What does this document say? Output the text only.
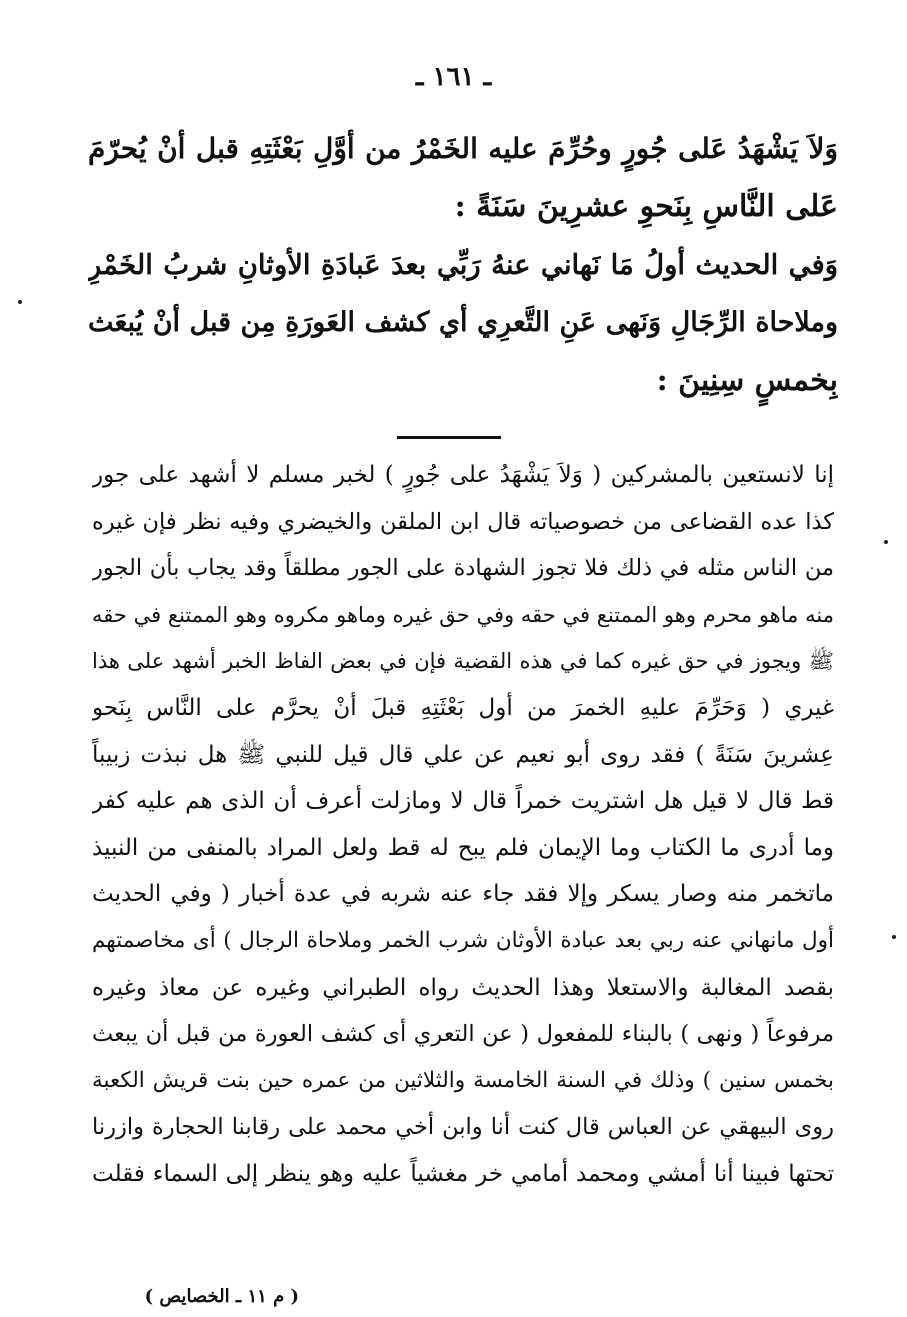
ـ ١٦١ ـ
وَلاَ يَشْهَدُ عَلى جُورٍ وحُرِّمَ عليه الخَمْرُ من أوَّلِ بَعْثَتِهِ قبل أنْ يُحرّمَ
عَلى النَّاسِ بِنَحوِ عشرِينَ سَنَةً :
وَفي الحديث أولُ مَا نَهاني عنهُ رَبِّي بعدَ عَبادَةِ الأوثانِ شربُ الخَمْرِ
وملاحاة الرِّجَالِ وَنَهى عَنِ التَّعرِي أي كشف العَورَةِ مِن قبل أنْ يُبعَث
بِخمسٍ سِنِينَ :
إنا لانستعين بالمشركين ( وَلاَ يَشْهَدُ على جُورٍ ) لخبر مسلم لا أشهد على جور
كذا عده القضاعى من خصوصياته قال ابن الملقن والخيضري وفيه نظر فإن غيره
من الناس مثله في ذلك فلا تجوز الشهادة على الجور مطلقاً وقد يجاب بأن الجور
منه ماهو محرم وهو الممتنع في حقه وفي حق غيره وماهو مكروه وهو الممتنع في حقه
ﷺ ويجوز في حق غيره كما في هذه القضية فإن في بعض الفاظ الخبر أشهد على هذا
غيري ( وَحَرِّمَ عليهِ الخمرَ من أول بَعْثَتِهِ قبلَ أنْ يحرَّم على النَّاس بِنَحو
عِشرينَ سَنَةً ) فقد روى أبو نعيم عن علي قال قيل للنبي ﷺ هل نبذت زبيباً
قط قال لا قيل هل اشتريت خمراً قال لا ومازلت أعرف أن الذى هم عليه كفر
وما أدرى ما الكتاب وما الإيمان فلم يبح له قط ولعل المراد بالمنفى من النبيذ
ماتخمر منه وصار يسكر وإلا فقد جاء عنه شربه في عدة أخبار ( وفي الحديث
أول مانهاني عنه ربي بعد عبادة الأوثان شرب الخمر وملاحاة الرجال ) أى مخاصمتهم
بقصد المغالبة والاستعلا وهذا الحديث رواه الطبراني وغيره عن معاذ وغيره
مرفوعاً ( ونهى ) بالبناء للمفعول ( عن التعري أى كشف العورة من قبل أن يبعث
بخمس سنين ) وذلك في السنة الخامسة والثلاثين من عمره حين بنت قريش الكعبة
روى البيهقي عن العباس قال كنت أنا وابن أخي محمد على رقابنا الحجارة وازرنا
تحتها فبينا أنا أمشي ومحمد أمامي خر مغشياً عليه وهو ينظر إلى السماء فقلت
( م ١١ ـ الخصايص )
